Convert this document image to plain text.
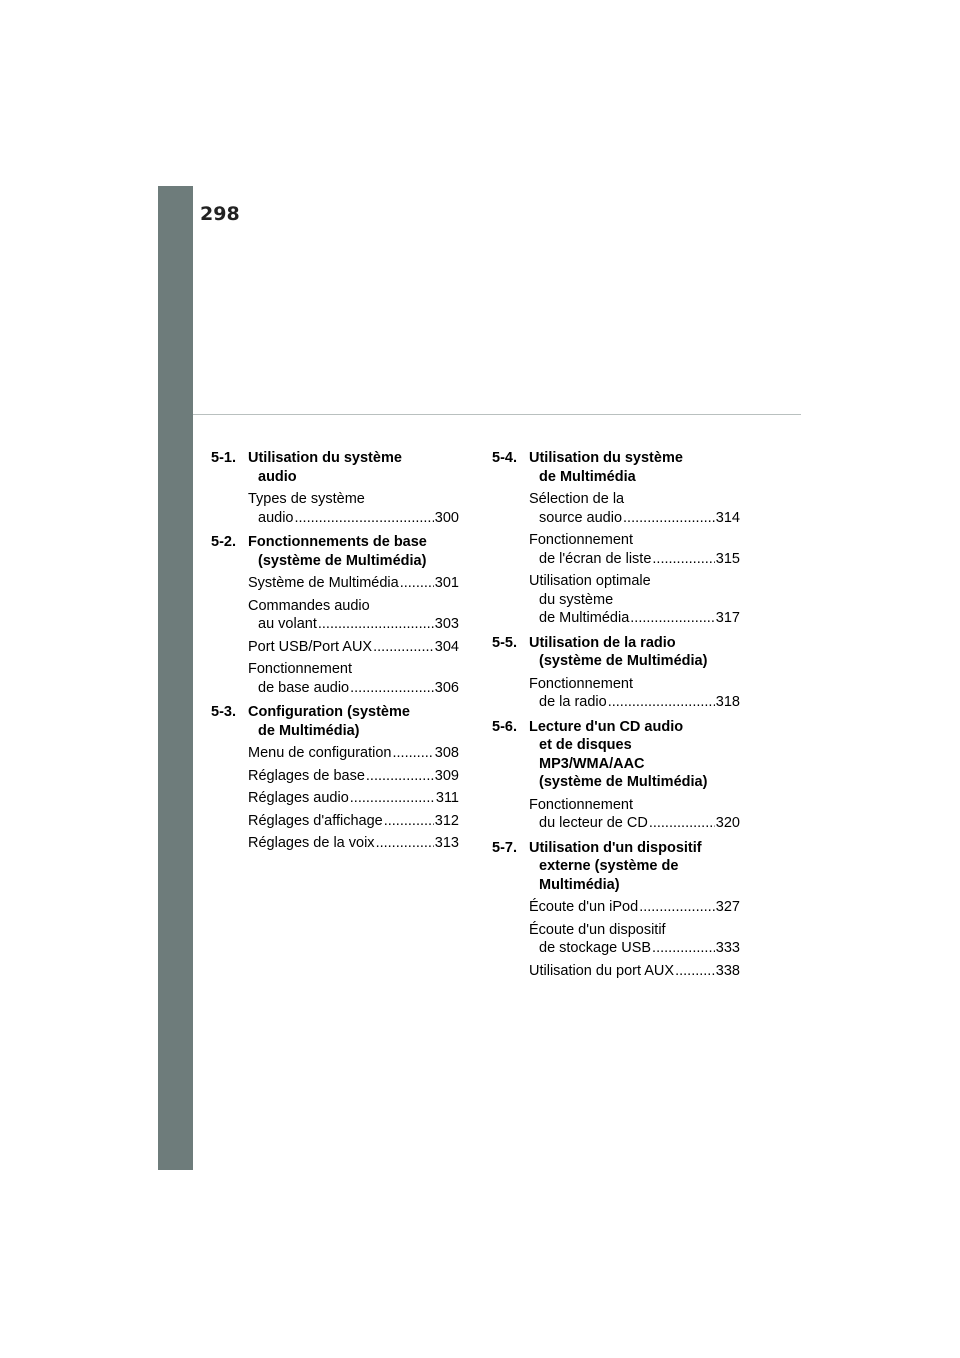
298
5-1. Utilisation du système
audio
Types de système
audio .....	300
5-2. Fonctionnements de base
(système de Multimédia)
Système de Multimédia ..... 301
Commandes audio
au volant .....	303
Port USB/Port AUX .....	304
Fonctionnement
de base audio .....	306
5-3. Configuration (système
de Multimédia)
Menu de configuration .....	308
Réglages de base .....	309
Réglages audio .....	311
Réglages d'affichage .....	312
Réglages de la voix .....	313
5-4. Utilisation du système
de Multimédia
Sélection de la
source audio .....	314
Fonctionnement
de l'écran de liste .....	315
Utilisation optimale
du système
de Multimédia .....	317
5-5. Utilisation de la radio
(système de Multimédia)
Fonctionnement
de la radio .....	318
5-6. Lecture d'un CD audio
et de disques
MP3/WMA/AAC
(système de Multimédia)
Fonctionnement
du lecteur de CD .....	320
5-7. Utilisation d'un dispositif
externe (système de
Multimédia)
Écoute d'un iPod .....	327
Écoute d'un dispositif
de stockage USB .....	333
Utilisation du port AUX .....	338
